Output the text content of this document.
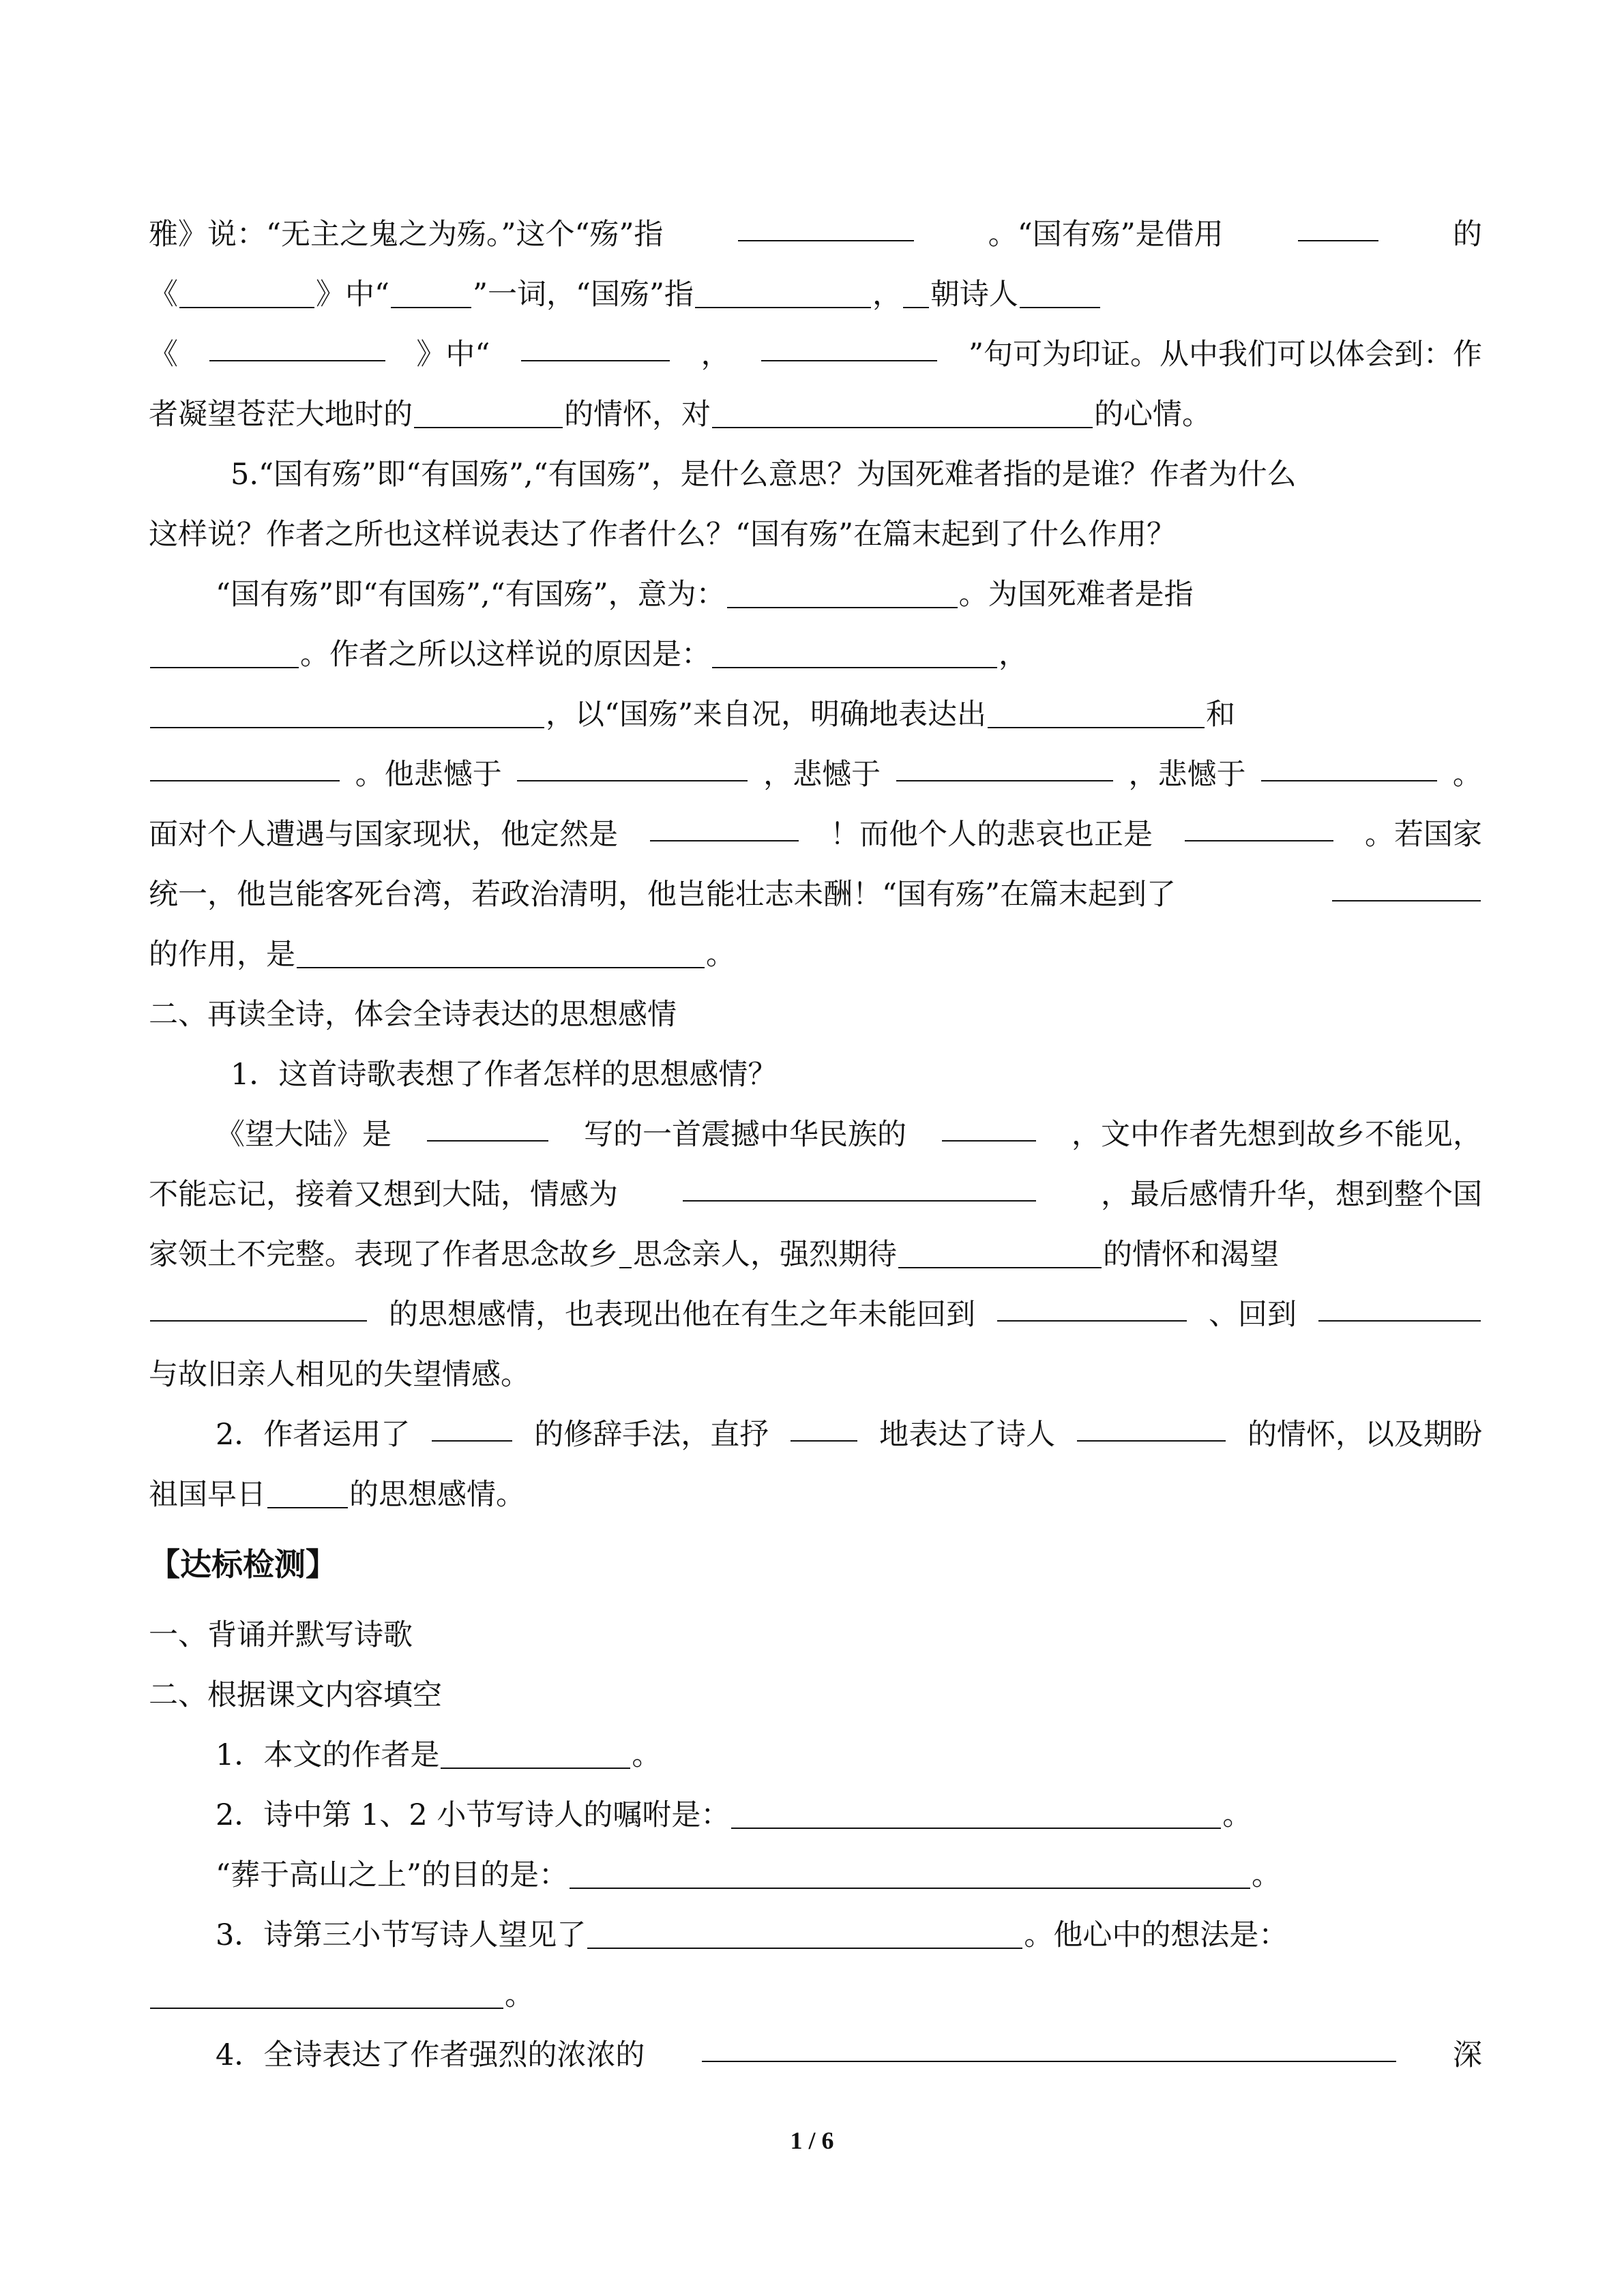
雅》说：“无主之鬼之为殇。”这个“殇”指	。“国有殇”是借用	的
《	》中“	”一词，“国殇”指	， 朝诗人
《	》中“	，	”句可为印证。从中我们可以体会到：作
者凝望苍茫大地时的	的情怀，对	的心情。
5.“国有殇”即“有国殇”,“有国殇”，是什么意思？为国死难者指的是谁？作者为什么
这样说？作者之所也这样说表达了作者什么？“国有殇”在篇末起到了什么作用？
“国有殇”即“有国殇”,“有国殇”，意为：	。为国死难者是指
。作者之所以这样说的原因是：	，
，以“国殇”来自况，明确地表达出	和
。他悲憾于	，悲憾于	，悲憾于	。
面对个人遭遇与国家现状，他定然是	！而他个人的悲哀也正是	。若国家
统一，他岂能客死台湾，若政治清明，他岂能壮志未酬！“国有殇”在篇末起到了
的作用，是	。
二、再读全诗，体会全诗表达的思想感情
1．这首诗歌表想了作者怎样的思想感情？
《望大陆》是	写的一首震撼中华民族的	，文中作者先想到故乡不能见，
不能忘记，接着又想到大陆，情感为	，最后感情升华，想到整个国
家领土不完整。表现了作者思念故乡 思念亲人，强烈期待	的情怀和渴望
的思想感情，也表现出他在有生之年未能回到	、回到
与故旧亲人相见的失望情感。
2．作者运用了	的修辞手法，直抒	地表达了诗人	的情怀，以及期盼
祖国早日	的思想感情。
【达标检测】
一、背诵并默写诗歌
二、根据课文内容填空
1．本文的作者是	。
2．诗中第 1、2 小节写诗人的嘱咐是：	。
“葬于高山之上”的目的是：	。
3．诗第三小节写诗人望见了	。他心中的想法是：
。
4．全诗表达了作者强烈的浓浓的	深
1 / 6
